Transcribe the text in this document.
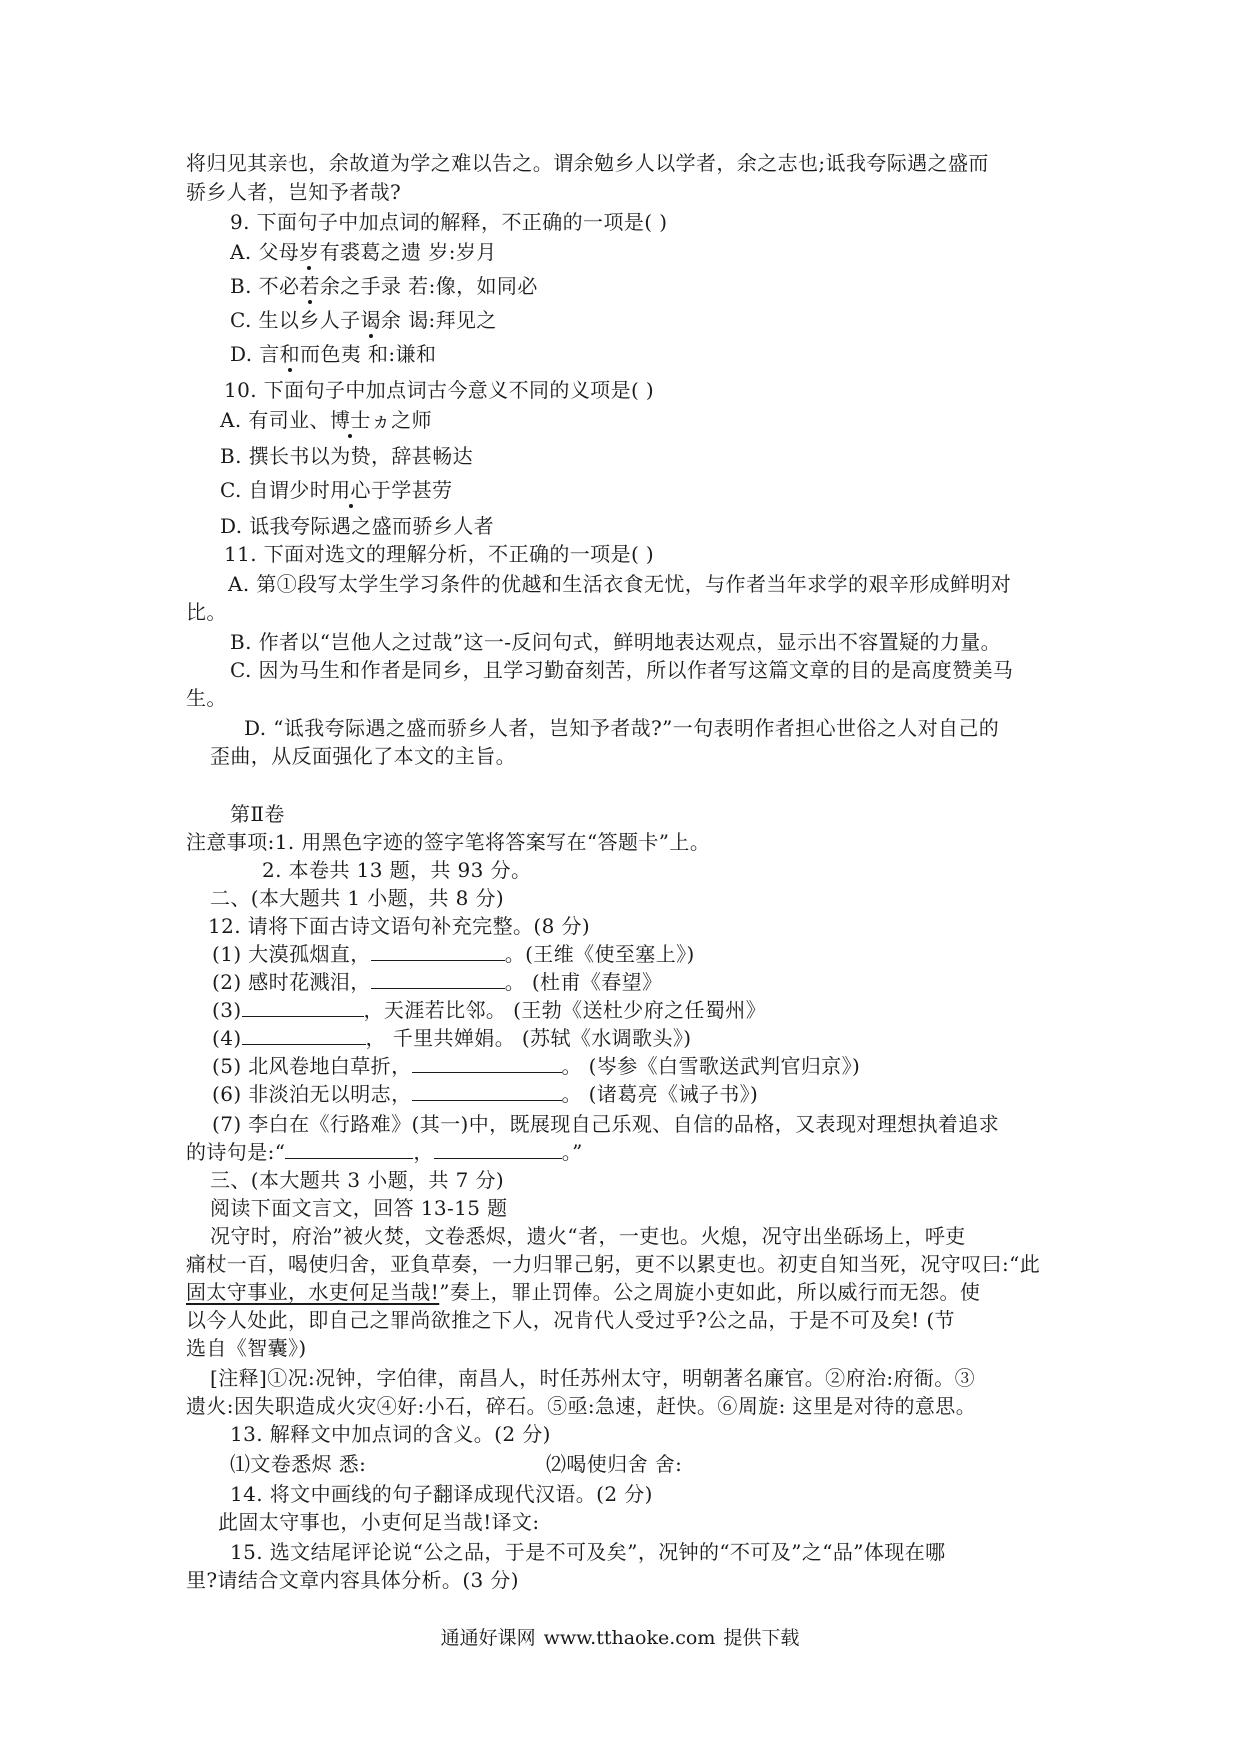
将归见其亲也，余故道为学之难以告之。谓余勉乡人以学者，余之志也;诋我夸际遇之盛而
骄乡人者，岂知予者哉?
9. 下面句子中加点词的解释，不正确的一项是( )
A. 父母岁有裘葛之遗 岁:岁月
B. 不必若余之手录 若:像，如同必
C. 生以乡人子谒余 谒:拜见之
D. 言和而色夷 和:谦和
10. 下面句子中加点词古今意义不同的义项是( )
A. 有司业、博士ヵ之师
B. 撰长书以为贽，辞甚畅达
C. 自谓少时用心于学甚劳
D. 诋我夸际遇之盛而骄乡人者
11. 下面对选文的理解分析，不正确的一项是( )
A. 第①段写太学生学习条件的优越和生活衣食无忧，与作者当年求学的艰辛形成鲜明对
比。
B. 作者以“岂他人之过哉”这一-反问句式，鲜明地表达观点，显示出不容置疑的力量。
C. 因为马生和作者是同乡，且学习勤奋刻苦，所以作者写这篇文章的目的是高度赞美马
生。
D. “诋我夸际遇之盛而骄乡人者，岂知予者哉?”一句表明作者担心世俗之人对自己的
歪曲，从反面强化了本文的主旨。
第Ⅱ卷
注意事项:1. 用黑色字迹的签字笔将答案写在“答题卡”上。
2. 本卷共 13 题，共 93 分。
二、(本大题共 1 小题，共 8 分)
12. 请将下面古诗文语句补充完整。(8 分)
(1) 大漠孤烟直，	。(王维《使至塞上》)
(2) 感时花溅泪，	。 (杜甫《春望》
(3)	，天涯若比邻。 (王勃《送杜少府之任蜀州》
(4)	， 千里共婵娟。 (苏轼《水调歌头》)
(5) 北风卷地白草折，	。 (岑参《白雪歌送武判官归京》)
(6) 非淡泊无以明志，	。 (诸葛亮《诫子书》)
(7) 李白在《行路难》(其一)中，既展现自己乐观、自信的品格，又表现对理想执着追求
的诗句是:“	，	。”
三、(本大题共 3 小题，共 7 分)
阅读下面文言文，回答 13-15 题
况守时，府治”被火焚，文卷悉烬，遗火“者，一吏也。火熄，况守出坐砾场上，呼吏
痛杖一百，喝使归舍，亚負草奏，一力归罪己躬，更不以累吏也。初吏自知当死，况守叹曰:“此
固太守事业，水吏何足当哉!”奏上，罪止罚俸。公之周旋小吏如此，所以威行而无怨。使
以今人处此，即自己之罪尚欲推之下人，况肯代人受过乎?公之品，于是不可及矣! (节
选自《智囊》)
[注释]①况:况钟，字伯律，南昌人，时任苏州太守，明朝著名廉官。②府治:府衙。③
遗火:因失职造成火灾④好:小石，碎石。⑤亟:急速，赶快。⑥周旋: 这里是对待的意思。
13. 解释文中加点词的含义。(2 分)
⑴文卷悉烬 悉:	⑵喝使归舍 舍:
14. 将文中画线的句子翻译成现代汉语。(2 分)
此固太守事也，小吏何足当哉!译文:
15. 选文结尾评论说“公之品，于是不可及矣”，况钟的“不可及”之“品”体现在哪
里?请结合文章内容具体分析。(3 分)
通通好课网 www.tthaoke.com 提供下载
